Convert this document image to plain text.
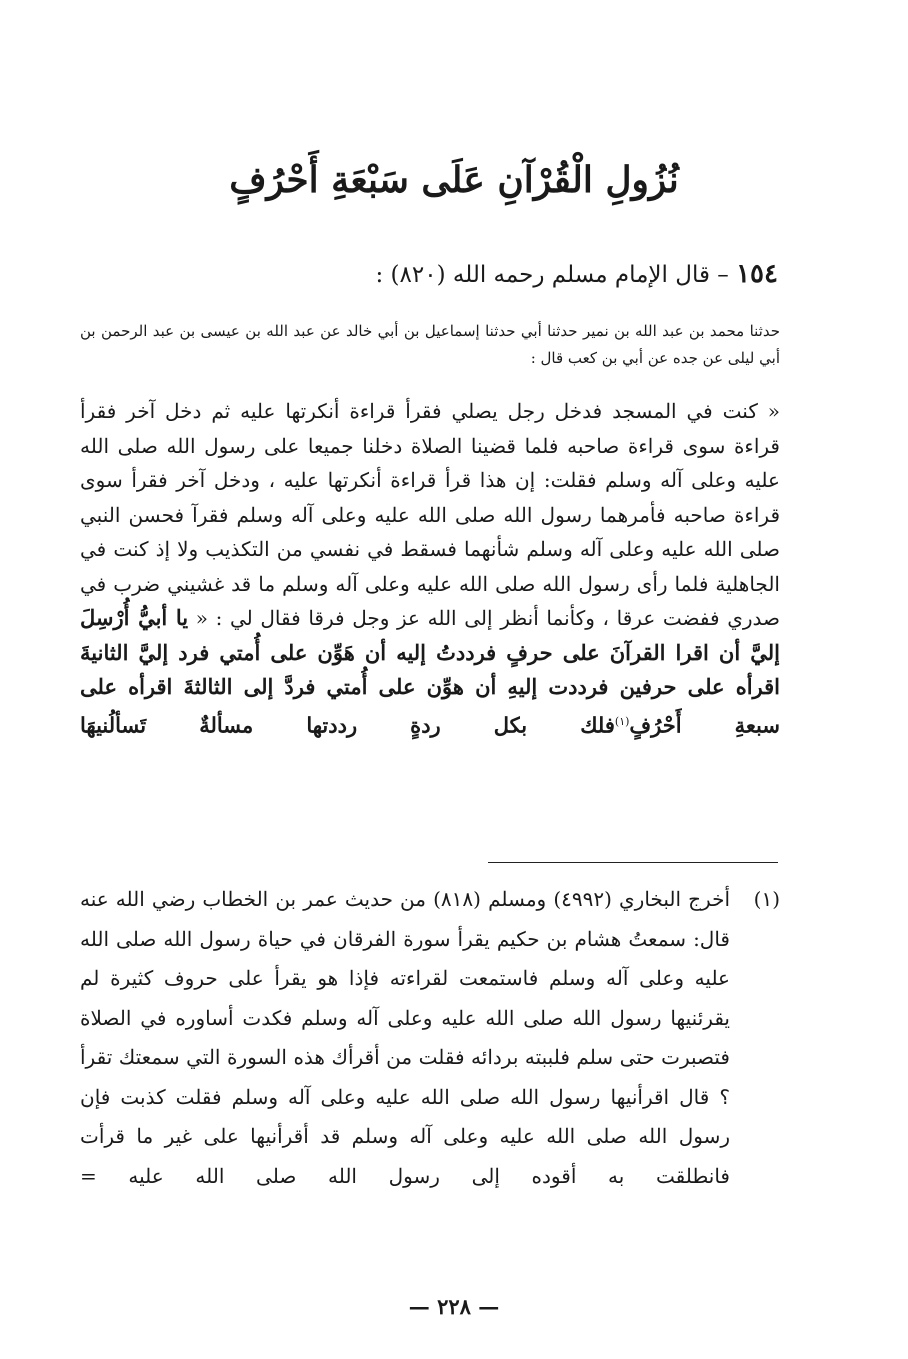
نُزُولِ الْقُرْآنِ عَلَى سَبْعَةِ أَحْرُفٍ
١٥٤ – قال الإمام مسلم رحمه الله (٨٢٠) :

حدثنا محمد بن عبد الله بن نمير حدثنا أبي حدثنا إسماعيل بن أبي خالد عن عبد الله بن عيسى بن عبد الرحمن بن أبي ليلى عن جده عن أبي بن كعب قال :

« كنت في المسجد فدخل رجل يصلي فقرأ قراءة أنكرتها عليه ثم دخل آخر فقرأ قراءة سوى قراءة صاحبه فلما قضينا الصلاة دخلنا جميعا على رسول الله صلى الله عليه وعلى آله وسلم فقلت: إن هذا قرأ قراءة أنكرتها عليه ، ودخل آخر فقرأ سوى قراءة صاحبه فأمرهما رسول الله صلى الله عليه وعلى آله وسلم فقرآ فحسن النبي صلى الله عليه وعلى آله وسلم شأنهما فسقط في نفسي من التكذيب ولا إذ كنت في الجاهلية فلما رأى رسول الله صلى الله عليه وعلى آله وسلم ما قد غشيني ضرب في صدري ففضت عرقا ، وكأنما أنظر إلى الله عز وجل فرقا فقال لي : « يا أبيُّ أُرْسِلَ إليَّ أن اقرا القرآنَ على حرفٍ فرددتُ إليه أن هَوِّن على أُمتي فرد إليَّ الثانيةَ اقرأه على حرفين فرددت إليهِ أن هوِّن على أُمتي فردَّ إلى الثالثةَ اقرأه على سبعةِ أَحْرُفٍ$^{(١)}$فلك بكل ردةٍ رددتها مسألةٌ تَسألُنيهَا

(١)

أخرج البخاري (٤٩٩٢) ومسلم (٨١٨) من حديث عمر بن الخطاب رضي الله عنه قال: سمعتُ هشام بن حكيم يقرأ سورة الفرقان في حياة رسول الله صلى الله عليه وعلى آله وسلم فاستمعت لقراءته فإذا هو يقرأ على حروف كثيرة لم يقرئنيها رسول الله صلى الله عليه وعلى آله وسلم فكدت أساوره في الصلاة فتصبرت حتى سلم فلببته بردائه فقلت من أقرأك هذه السورة التي سمعتك تقرأ ؟ قال اقرأنيها رسول الله صلى الله عليه وعلى آله وسلم فقلت كذبت فإن رسول الله صلى الله عليه وعلى آله وسلم قد أقرأنيها على غير ما قرأت فانطلقت به أقوده إلى رسول الله صلى الله عليه =

— ٢٢٨ —
